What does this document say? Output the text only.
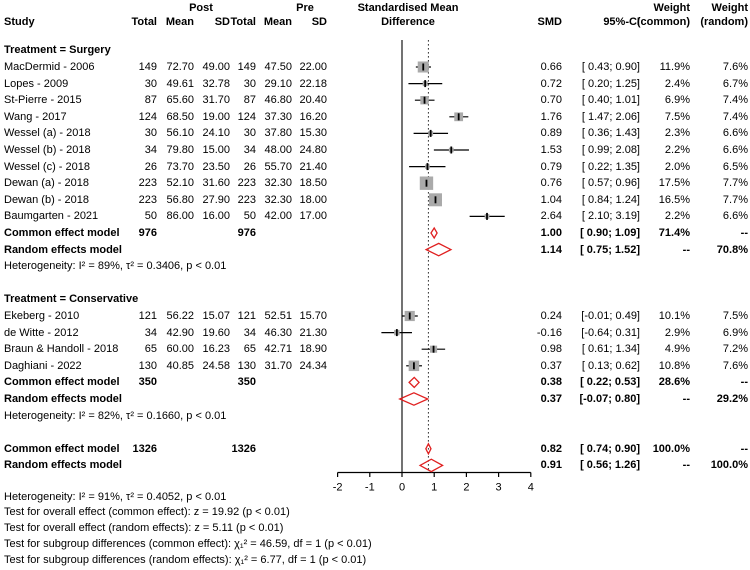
Post	Pre	Standardised Mean	Weight Weight
Study	Total Mean SD Total Mean SD	Difference	SMD	95%-CI
(common) (random)
Treatment = Surgery
MacDermid - 2006	149 72.70 49.00 149 47.50 22.00	0.66 [ 0.43; 0.90] 11.9%	7.6%
Lopes - 2009	30 49.61 32.78 30 29.10 22.18	0.72 [ 0.20; 1.25] 2.4%	6.7%
St-Pierre - 2015	87 65.60 31.70 87 46.80 20.40	0.70 [ 0.40; 1.01] 6.9%	7.4%
Wang - 2017	124 68.50 19.00 124 37.30 16.20	1.76 [ 1.47; 2.06] 7.5%	7.4%
Wessel (a) - 2018	30 56.10 24.10 30 37.80 15.30	0.89 [ 0.36; 1.43] 2.3%	6.6%
Wessel (b) - 2018	34 79.80 15.00 34 48.00 24.80	1.53 [ 0.99; 2.08] 2.2%	6.6%
Wessel (c) - 2018	26 73.70 23.50 26 55.70 21.40	0.79 [ 0.22; 1.35] 2.0%	6.5%
Dewan (a) - 2018	223 52.10 31.60 223 32.30 18.50	0.76 [ 0.57; 0.96] 17.5%	7.7%
Dewan (b) - 2018	223 56.80 27.90 223 32.30 18.00	1.04 [ 0.84; 1.24] 16.5%	7.7%
Baumgarten - 2021	50 86.00 16.00 50 42.00 17.00	2.64 [ 2.10; 3.19] 2.2%	6.6%
Common effect model 976	976	1.00 [ 0.90; 1.09] 71.4%	--
Random effects model	1.14 [ 0.75; 1.52]	-- 70.8%
Heterogeneity: I² = 89%, τ² = 0.3406, p < 0.01
Treatment = Conservative
Ekeberg - 2010	121 56.22 15.07 121 52.51 15.70	0.24 [-0.01; 0.49] 10.1%	7.5%
de Witte - 2012	34 42.90 19.60 34 46.30 21.30	-0.16 [-0.64; 0.31] 2.9%	6.9%
Braun & Handoll - 2018 65 60.00 16.23 65 42.71 18.90	0.98 [ 0.61; 1.34] 4.9%	7.2%
Daghiani - 2022	130 40.85 24.58 130 31.70 24.34	0.37 [ 0.13; 0.62] 10.8%	7.6%
Common effect model 350	350	0.38 [ 0.22; 0.53] 28.6%	--
Random effects model	0.37 [-0.07; 0.80]	-- 29.2%
Heterogeneity: I² = 82%, τ² = 0.1660, p < 0.01
Common effect model 1326	1326	0.82 [ 0.74; 0.90] 100.0%	--
Random effects model	0.91 [ 0.56; 1.26]	-- 100.0%
Heterogeneity: I² = 91%, τ² = 0.4052, p < 0.01
Test for overall effect (common effect): z = 19.92 (p < 0.01)
Test for overall effect (random effects): z = 5.11 (p < 0.01)
Test for subgroup differences (common effect): χ₁² = 46.59, df = 1 (p < 0.01)
Test for subgroup differences (random effects): χ₁² = 6.77, df = 1 (p < 0.01)
-2 -1 0 1 2 3 4
